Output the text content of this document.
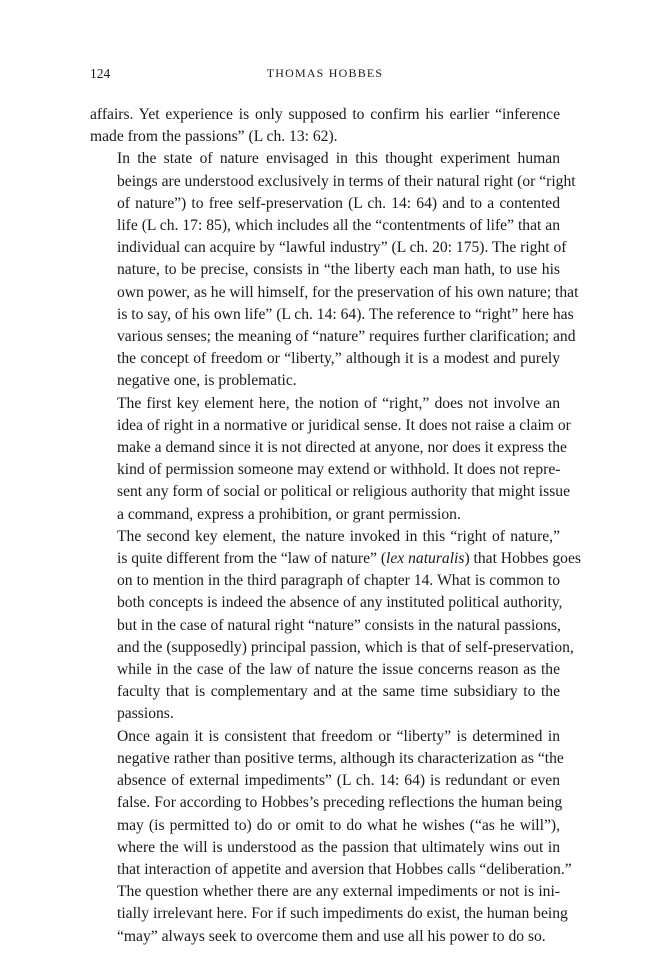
124	THOMAS HOBBES

affairs. Yet experience is only supposed to confirm his earlier “inference
made from the passions” (L ch. 13: 62).

In the state of nature envisaged in this thought experiment human
beings are understood exclusively in terms of their natural right (or “right
of nature”) to free self-preservation (L ch. 14: 64) and to a contented
life (L ch. 17: 85), which includes all the “contentments of life” that an
individual can acquire by “lawful industry” (L ch. 20: 175). The right of
nature, to be precise, consists in “the liberty each man hath, to use his
own power, as he will himself, for the preservation of his own nature; that
is to say, of his own life” (L ch. 14: 64). The reference to “right” here has
various senses; the meaning of “nature” requires further clarification; and
the concept of freedom or “liberty,” although it is a modest and purely
negative one, is problematic.

The first key element here, the notion of “right,” does not involve an
idea of right in a normative or juridical sense. It does not raise a claim or
make a demand since it is not directed at anyone, nor does it express the
kind of permission someone may extend or withhold. It does not repre-
sent any form of social or political or religious authority that might issue
a command, express a prohibition, or grant permission.

The second key element, the nature invoked in this “right of nature,”
is quite different from the “law of nature” (lex naturalis) that Hobbes goes
on to mention in the third paragraph of chapter 14. What is common to
both concepts is indeed the absence of any instituted political authority,
but in the case of natural right “nature” consists in the natural passions,
and the (supposedly) principal passion, which is that of self-preservation,
while in the case of the law of nature the issue concerns reason as the
faculty that is complementary and at the same time subsidiary to the
passions.

Once again it is consistent that freedom or “liberty” is determined in
negative rather than positive terms, although its characterization as “the
absence of external impediments” (L ch. 14: 64) is redundant or even
false. For according to Hobbes’s preceding reflections the human being
may (is permitted to) do or omit to do what he wishes (“as he will”),
where the will is understood as the passion that ultimately wins out in
that interaction of appetite and aversion that Hobbes calls “deliberation.”
The question whether there are any external impediments or not is ini-
tially irrelevant here. For if such impediments do exist, the human being
“may” always seek to overcome them and use all his power to do so.
